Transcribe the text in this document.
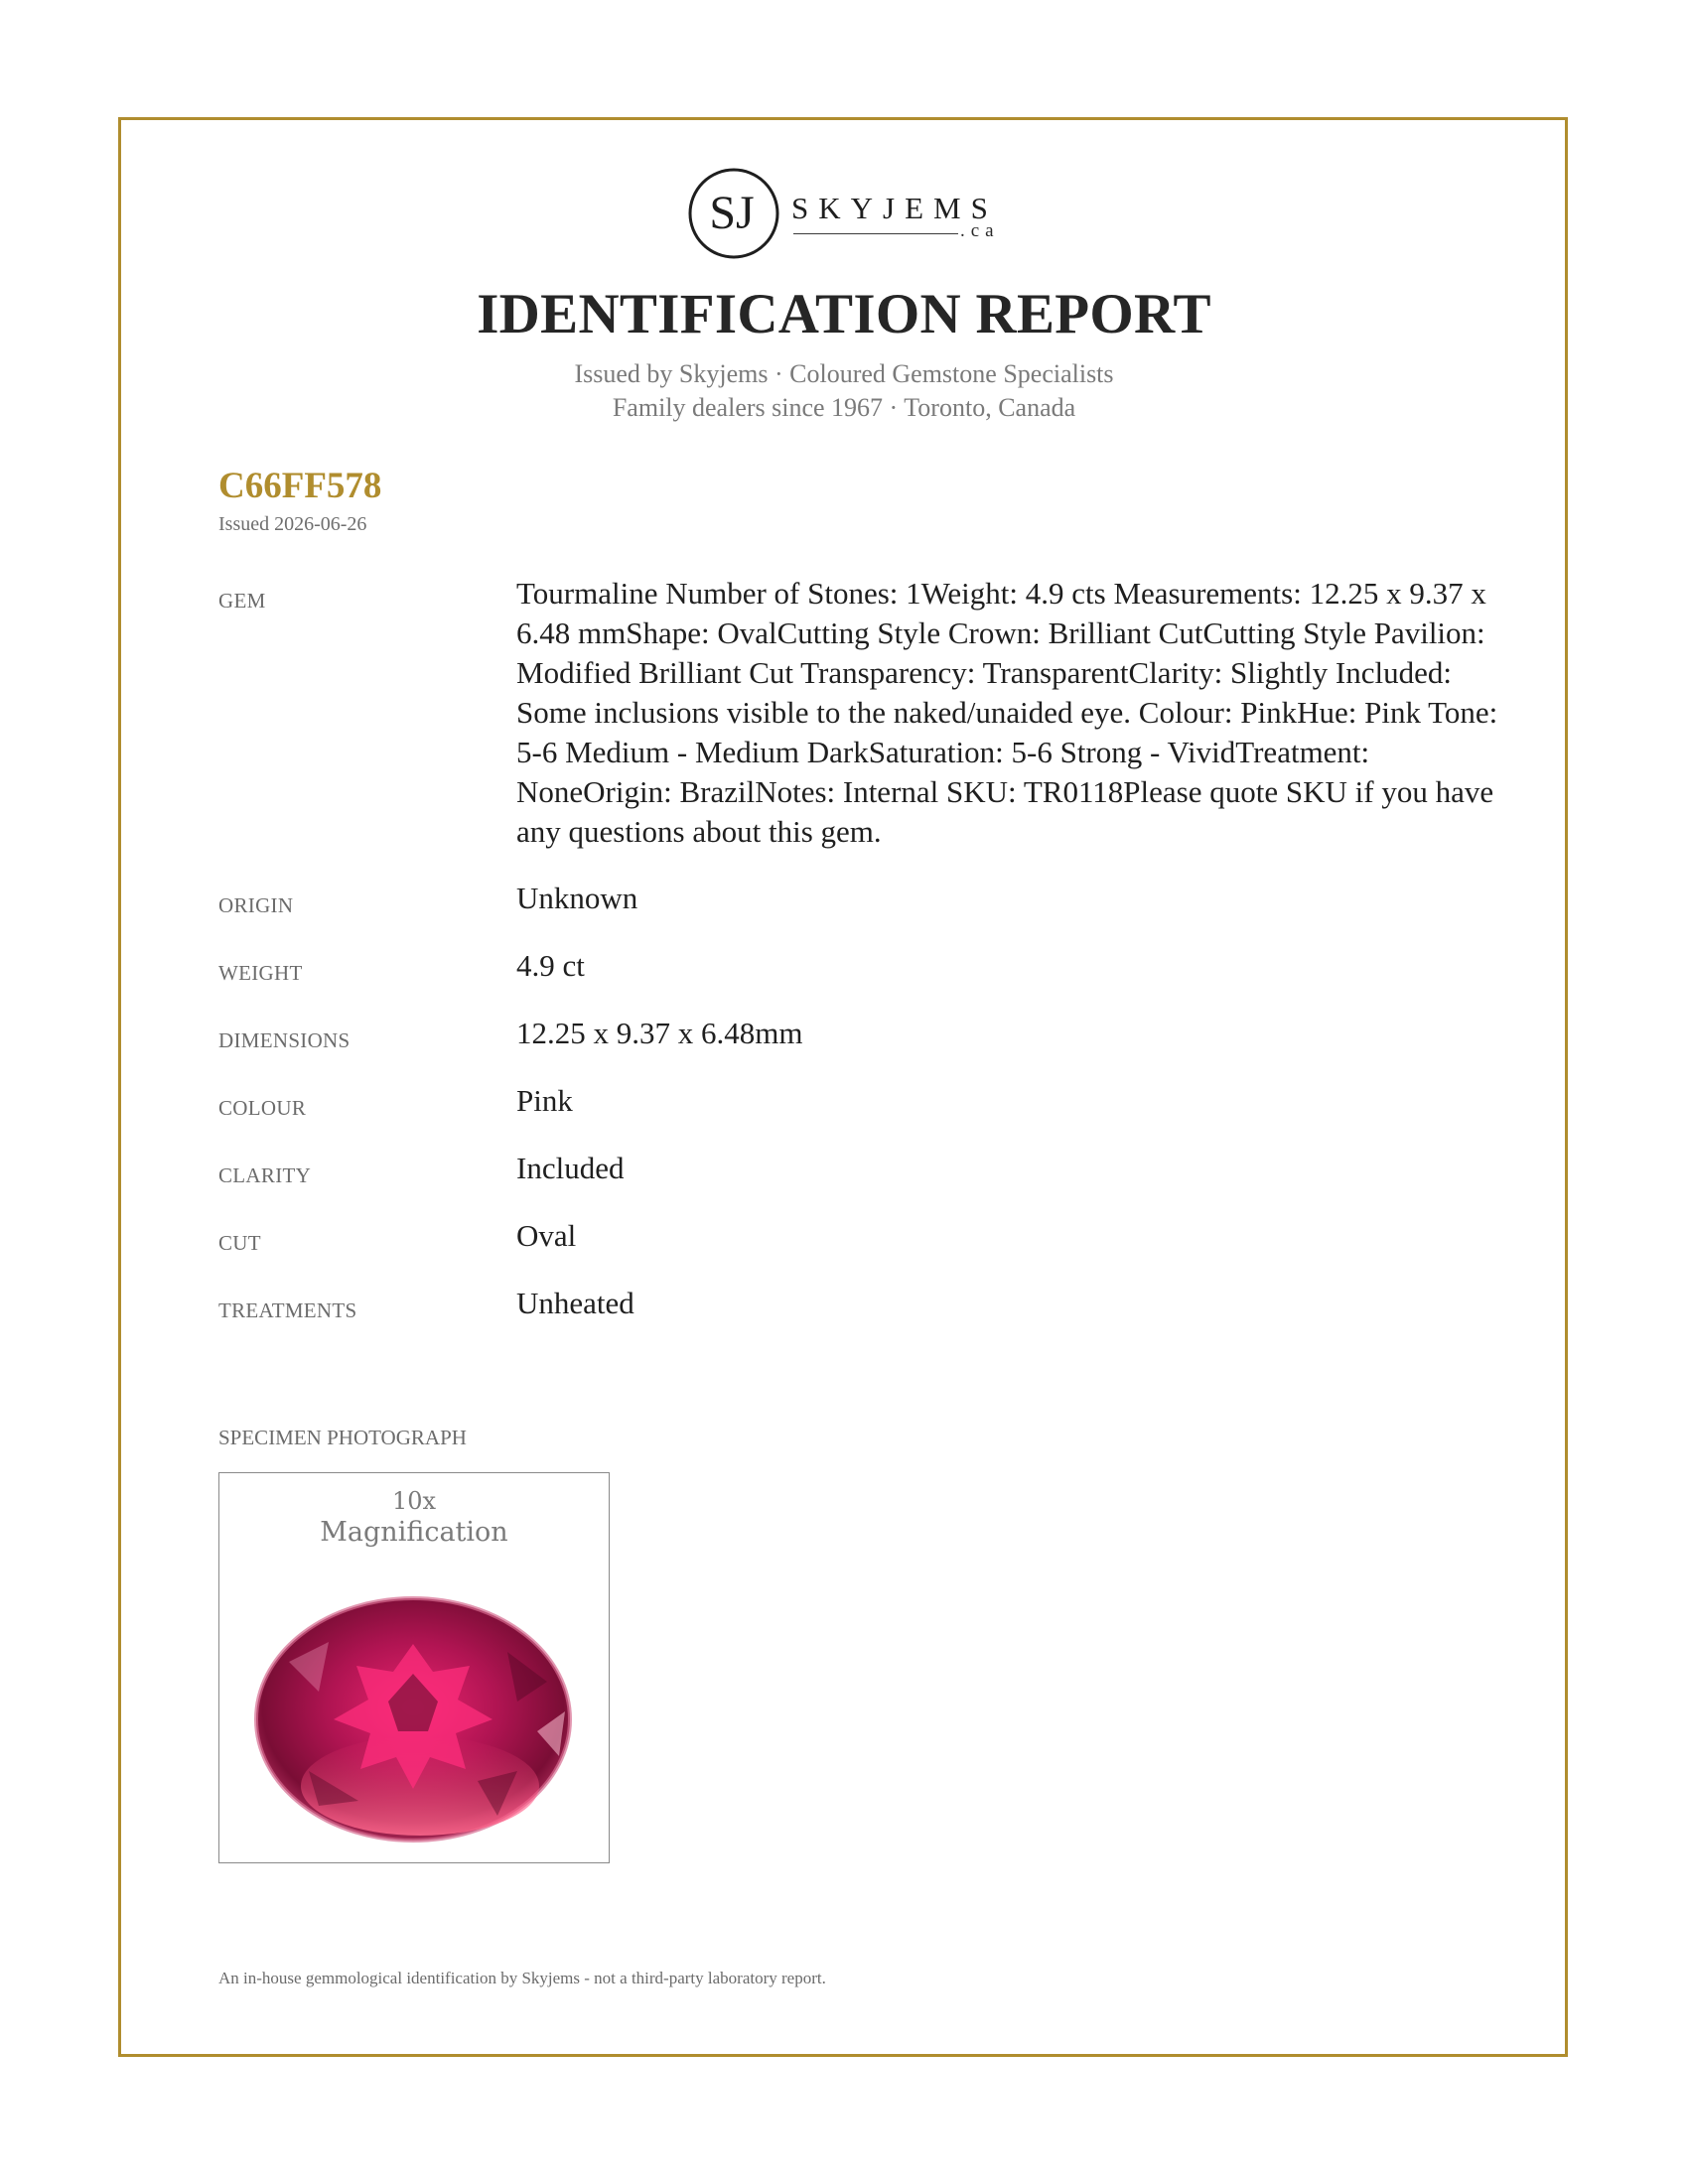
SJ SKYJEMS
.ca
IDENTIFICATION REPORT
Issued by Skyjems · Coloured Gemstone Specialists
Family dealers since 1967 · Toronto, Canada
C66FF578
Issued 2026-06-26
GEM	Tourmaline Number of Stones: 1Weight: 4.9 cts Measurements: 12.25 x 9.37 x 6.48 mmShape: OvalCutting Style Crown: Brilliant CutCutting Style Pavilion: Modified Brilliant Cut Transparency: TransparentClarity: Slightly Included: Some inclusions visible to the naked/unaided eye. Colour: PinkHue: Pink Tone: 5-6 Medium - Medium DarkSaturation: 5-6 Strong - VividTreatment: NoneOrigin: BrazilNotes: Internal SKU: TR0118Please quote SKU if you have any questions about this gem.
ORIGIN	Unknown
WEIGHT	4.9 ct
DIMENSIONS	12.25 x 9.37 x 6.48mm
COLOUR	Pink
CLARITY	Included
CUT	Oval
TREATMENTS	Unheated
SPECIMEN PHOTOGRAPH
10x
Magnification
An in-house gemmological identification by Skyjems - not a third-party laboratory report.
